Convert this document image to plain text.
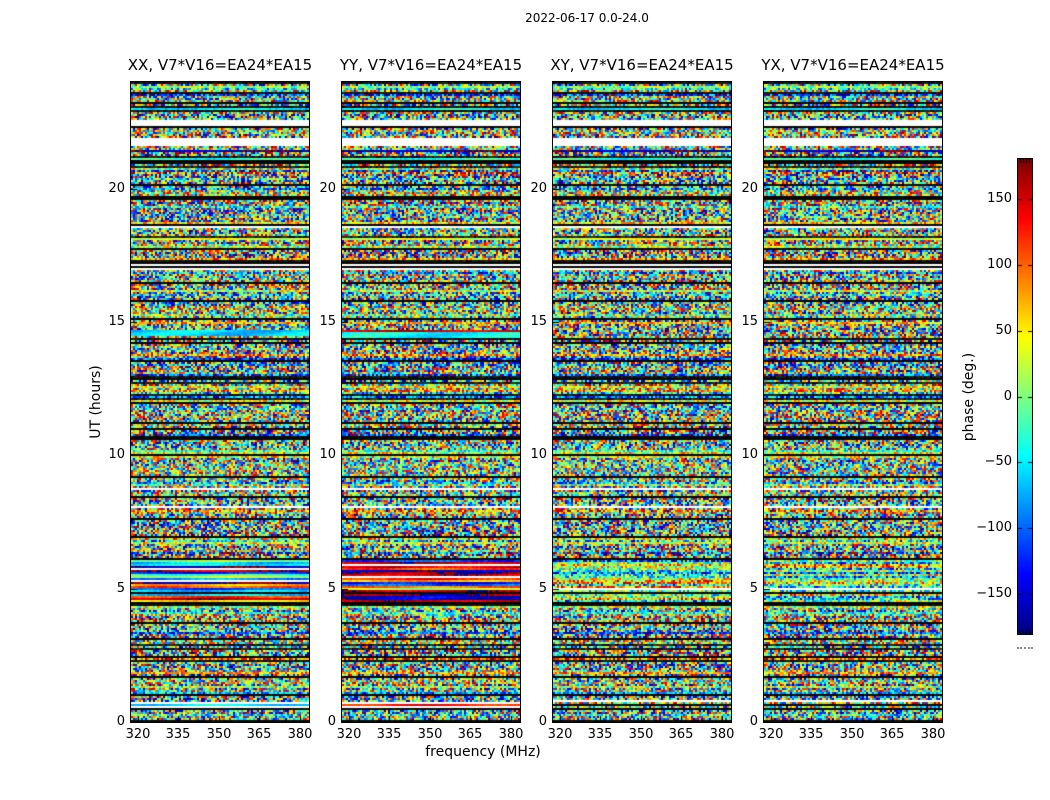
2022-06-17 0.0-24.0
UT (hours)
frequency (MHz)
XX, V7*V16=EA24*EA15
0
5
10
15
20
320	335	350	365	380
YY, V7*V16=EA24*EA15
0
5
10
15
20
320	335	350	365	380
XY, V7*V16=EA24*EA15
0
5
10
15
20
320	335	350	365	380
YX, V7*V16=EA24*EA15
0
5
10
15
20
320	335	350	365	380
phase (deg.)
150
100
50
0
−50
−100
−150
